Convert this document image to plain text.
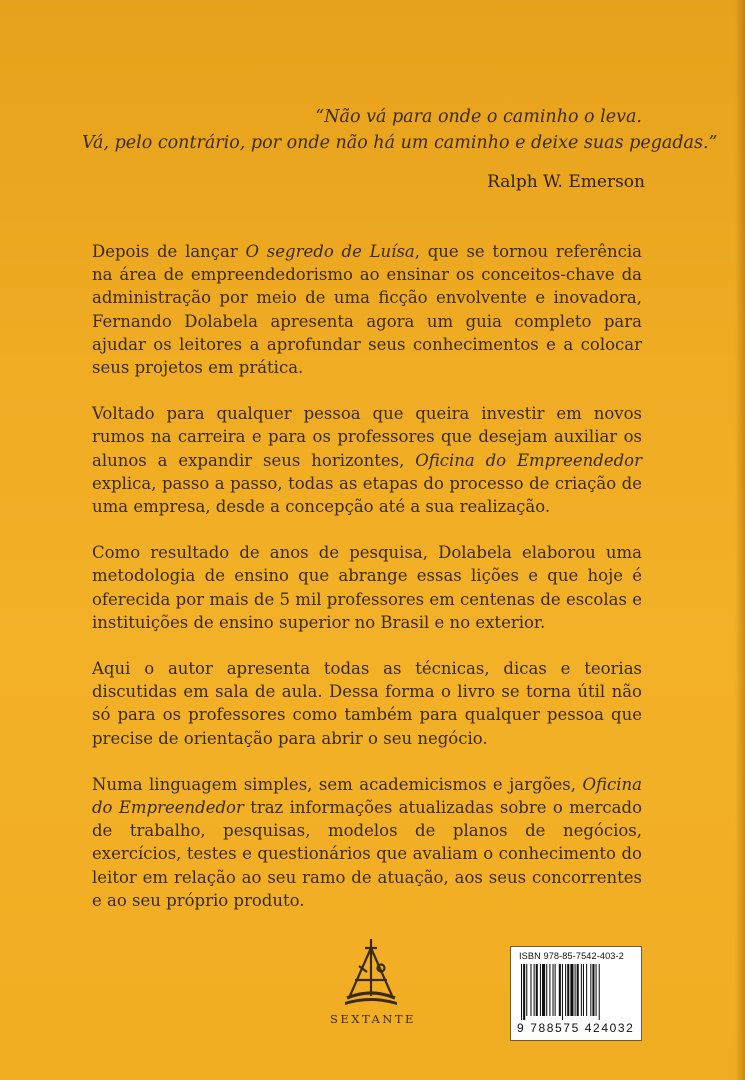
“Não vá para onde o caminho o leva.
Vá, pelo contrário, por onde não há um caminho e deixe suas pegadas.”
Ralph W. Emerson

Depois de lançar O segredo de Luísa, que se tornou referência na área de empreendedorismo ao ensinar os conceitos-chave da administração por meio de uma ficção envolvente e inovadora, Fernando Dolabela apresenta agora um guia completo para ajudar os leitores a aprofundar seus conhecimentos e a colocar seus projetos em prática.

Voltado para qualquer pessoa que queira investir em novos rumos na carreira e para os professores que desejam auxiliar os alunos a expandir seus horizontes, Oficina do Empreendedor explica, passo a passo, todas as etapas do processo de criação de uma empresa, desde a concepção até a sua realização.

Como resultado de anos de pesquisa, Dolabela elaborou uma metodologia de ensino que abrange essas lições e que hoje é oferecida por mais de 5 mil professores em centenas de escolas e instituições de ensino superior no Brasil e no exterior.

Aqui o autor apresenta todas as técnicas, dicas e teorias discutidas em sala de aula. Dessa forma o livro se torna útil não só para os professores como também para qualquer pessoa que precise de orientação para abrir o seu negócio.

Numa linguagem simples, sem academicismos e jargões, Oficina do Empreendedor traz informações atualizadas sobre o mercado de trabalho, pesquisas, modelos de planos de negócios, exercícios, testes e questionários que avaliam o conhecimento do leitor em relação ao seu ramo de atuação, aos seus concorrentes e ao seu próprio produto.

SEXTANTE
ISBN 978-85-7542-403-2
9 788575 424032
